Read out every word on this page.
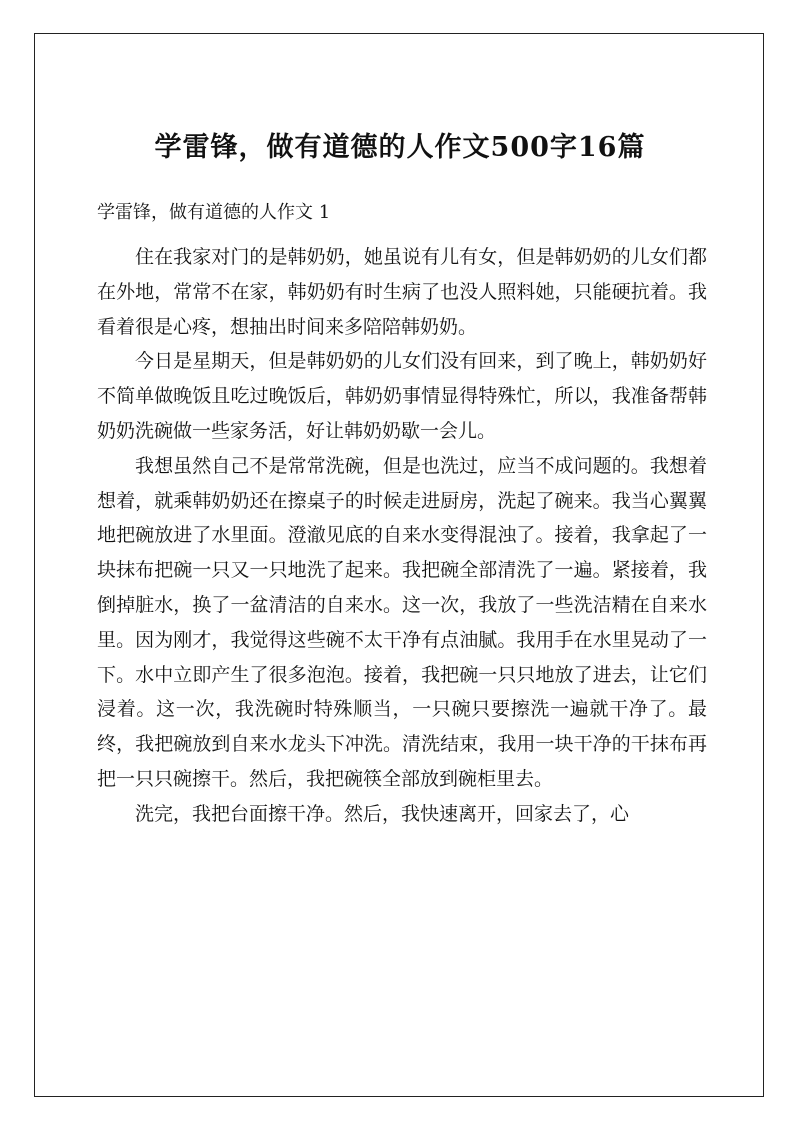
学雷锋，做有道德的人作文500字16篇
学雷锋，做有道德的人作文 1

住在我家对门的是韩奶奶，她虽说有儿有女，但是韩奶奶的儿女们都在外地，常常不在家，韩奶奶有时生病了也没人照料她，只能硬抗着。我看着很是心疼，想抽出时间来多陪陪韩奶奶。

今日是星期天，但是韩奶奶的儿女们没有回来，到了晚上，韩奶奶好不简单做晚饭且吃过晚饭后，韩奶奶事情显得特殊忙，所以，我准备帮韩奶奶洗碗做一些家务活，好让韩奶奶歇一会儿。

我想虽然自己不是常常洗碗，但是也洗过，应当不成问题的。我想着想着，就乘韩奶奶还在擦桌子的时候走进厨房，洗起了碗来。我当心翼翼地把碗放进了水里面。澄澈见底的自来水变得混浊了。接着，我拿起了一块抹布把碗一只又一只地洗了起来。我把碗全部清洗了一遍。紧接着，我倒掉脏水，换了一盆清洁的自来水。这一次，我放了一些洗洁精在自来水里。因为刚才，我觉得这些碗不太干净有点油腻。我用手在水里晃动了一下。水中立即产生了很多泡泡。接着，我把碗一只只地放了进去，让它们浸着。这一次，我洗碗时特殊顺当，一只碗只要擦洗一遍就干净了。最终，我把碗放到自来水龙头下冲洗。清洗结束，我用一块干净的干抹布再把一只只碗擦干。然后，我把碗筷全部放到碗柜里去。

洗完，我把台面擦干净。然后，我快速离开，回家去了，心
